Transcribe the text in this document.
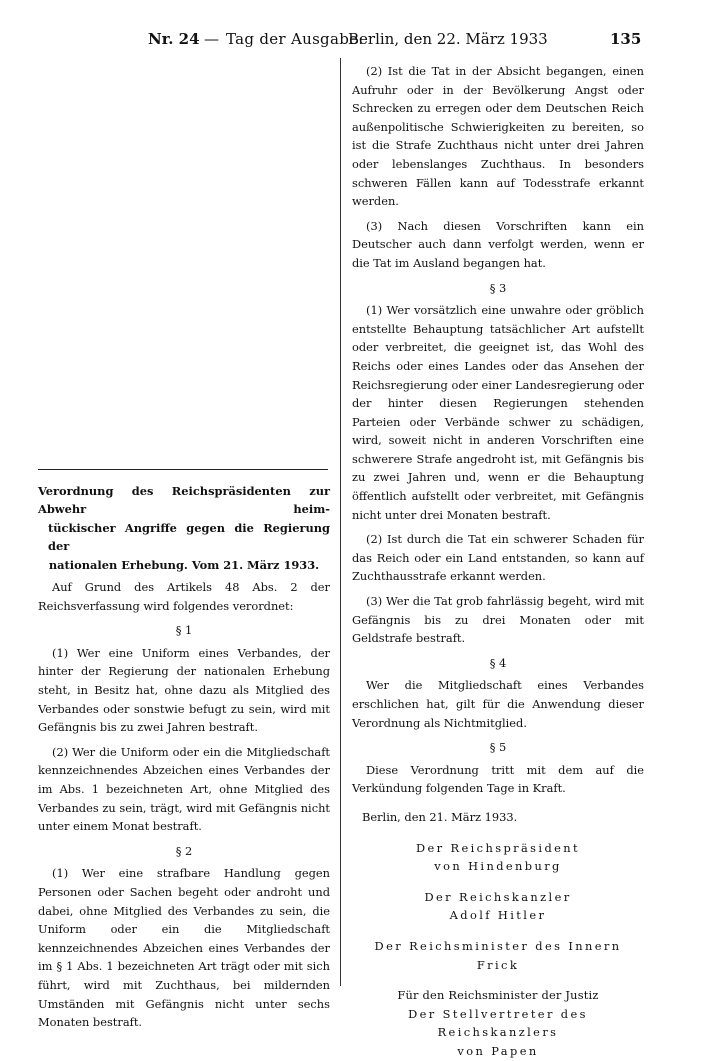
Nr. 24 — Tag der Ausgabe:
Berlin, den 22. März 1933	135
Verordnung des Reichspräsidenten zur Abwehr heim-
tückischer Angriffe gegen die Regierung der
nationalen Erhebung. Vom 21. März 1933.

Auf Grund des Artikels 48 Abs. 2 der Reichsverfassung wird folgendes verordnet:

§ 1

(1) Wer eine Uniform eines Verbandes, der hinter der Regierung der nationalen Erhebung steht, in Besitz hat, ohne dazu als Mitglied des Verbandes oder sonstwie befugt zu sein, wird mit Gefängnis bis zu zwei Jahren bestraft.

(2) Wer die Uniform oder ein die Mitgliedschaft kennzeichnendes Abzeichen eines Verbandes der im Abs. 1 bezeichneten Art, ohne Mitglied des Verbandes zu sein, trägt, wird mit Gefängnis nicht unter einem Monat bestraft.

§ 2

(1) Wer eine strafbare Handlung gegen Personen oder Sachen begeht oder androht und dabei, ohne Mitglied des Verbandes zu sein, die Uniform oder ein die Mitgliedschaft kennzeichnendes Abzeichen eines Verbandes der im § 1 Abs. 1 bezeichneten Art trägt oder mit sich führt, wird mit Zuchthaus, bei mildernden Umständen mit Gefängnis nicht unter sechs Monaten bestraft.

(2) Ist die Tat in der Absicht begangen, einen Aufruhr oder in der Bevölkerung Angst oder Schrecken zu erregen oder dem Deutschen Reich außenpolitische Schwierigkeiten zu bereiten, so ist die Strafe Zuchthaus nicht unter drei Jahren oder lebenslanges Zuchthaus. In besonders schweren Fällen kann auf Todesstrafe erkannt werden.

(3) Nach diesen Vorschriften kann ein Deutscher auch dann verfolgt werden, wenn er die Tat im Ausland begangen hat.

§ 3

(1) Wer vorsätzlich eine unwahre oder gröblich entstellte Behauptung tatsächlicher Art aufstellt oder verbreitet, die geeignet ist, das Wohl des Reichs oder eines Landes oder das Ansehen der Reichsregierung oder einer Landesregierung oder der hinter diesen Regierungen stehenden Parteien oder Verbände schwer zu schädigen, wird, soweit nicht in anderen Vorschriften eine schwerere Strafe angedroht ist, mit Gefängnis bis zu zwei Jahren und, wenn er die Behauptung öffentlich aufstellt oder verbreitet, mit Gefängnis nicht unter drei Monaten bestraft.

(2) Ist durch die Tat ein schwerer Schaden für das Reich oder ein Land entstanden, so kann auf Zuchthausstrafe erkannt werden.

(3) Wer die Tat grob fahrlässig begeht, wird mit Gefängnis bis zu drei Monaten oder mit Geldstrafe bestraft.

§ 4

Wer die Mitgliedschaft eines Verbandes erschlichen hat, gilt für die Anwendung dieser Verordnung als Nichtmitglied.

§ 5

Diese Verordnung tritt mit dem auf die Verkündung folgenden Tage in Kraft.

Berlin, den 21. März 1933.

Der Reichspräsident
von Hindenburg
Der Reichskanzler
Adolf Hitler
Der Reichsminister des Innern
Frick
Für den Reichsminister der Justiz
Der Stellvertreter des Reichskanzlers
von Papen
